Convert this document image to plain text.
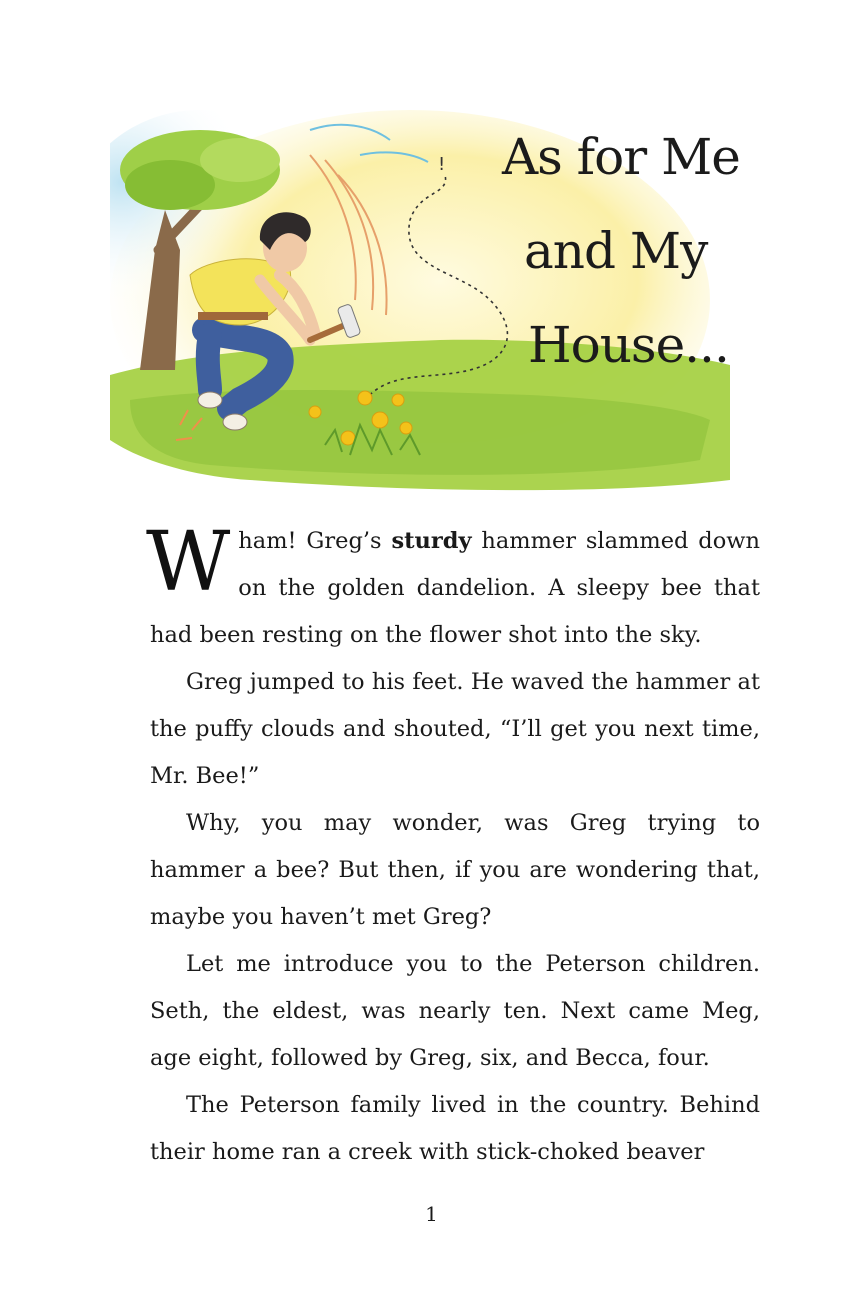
! As for Me
and My
House...

Wham! Greg’s sturdy hammer slammed down on the golden dandelion. A sleepy bee that had been resting on the flower shot into the sky.

Greg jumped to his feet. He waved the hammer at the puffy clouds and shouted, “I’ll get you next time, Mr. Bee!”

Why, you may wonder, was Greg trying to hammer a bee? But then, if you are wondering that, maybe you haven’t met Greg?

Let me introduce you to the Peterson children. Seth, the eldest, was nearly ten. Next came Meg, age eight, followed by Greg, six, and Becca, four.

The Peterson family lived in the country. Behind their home ran a creek with stick-choked beaver

1
